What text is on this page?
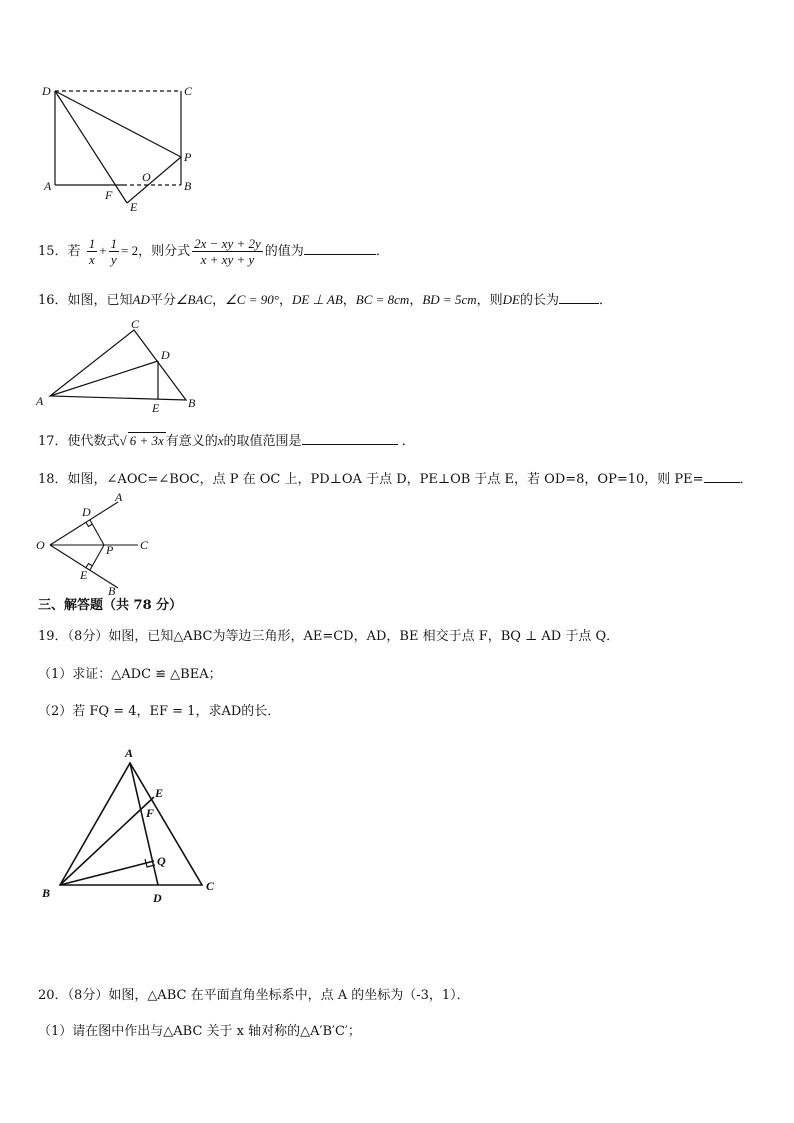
D	C
A	B
P
O
F
E
15．若 $\frac{1}{x} + \frac{1}{y} = 2$，则分式 $\frac{2x - xy + 2y}{x + xy + y}$ 的值为	．
16．如图，已知AD平分∠BAC，∠C = 90°，DE ⊥ AB，BC = 8cm，BD = 5cm，则DE的长为	．
A	B
C
D
E
17．使代数式√ 6 + 3x 有意义的x的取值范围是	．
18．如图，∠AOC=∠BOC，点 P 在 OC 上，PD⊥OA 于点 D，PE⊥OB 于点 E，若 OD=8，OP=10，则 PE=	．
A
B
C
D
E
O	P
三、解答题（共 78 分）
19．（8分）如图，已知△ABC为等边三角形，AE=CD，AD，BE 相交于点 F，BQ ⊥ AD 于点 Q．
（1）求证：△ADC ≌ △BEA；
（2）若 FQ = 4，EF = 1，求AD的长．
A
B	C
D
E
F
Q
20．（8分）如图，△ABC 在平面直角坐标系中，点 A 的坐标为（-3，1）．
（1）请在图中作出与△ABC 关于 x 轴对称的△A′B′C′；
